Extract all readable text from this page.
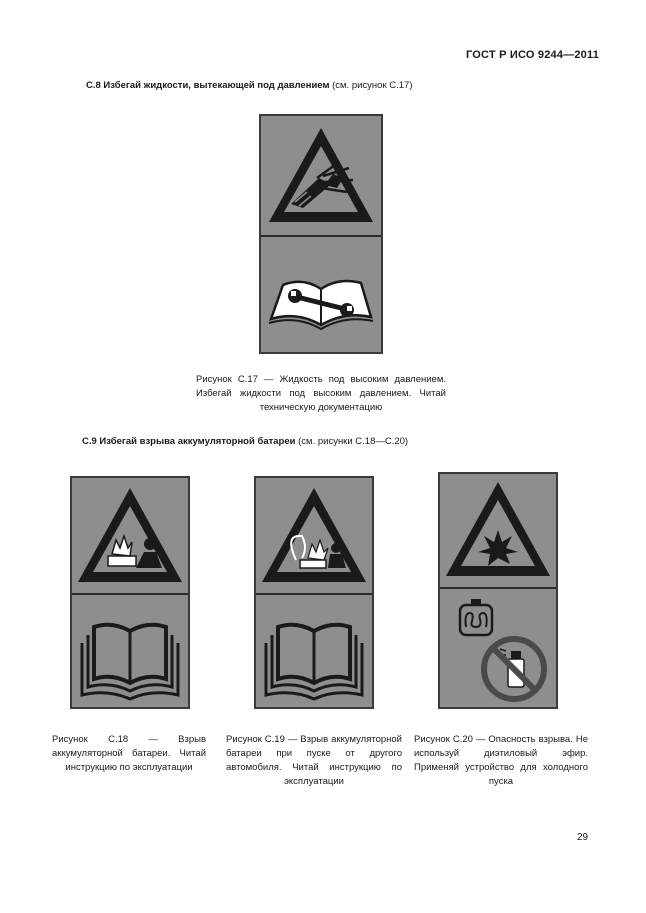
ГОСТ Р ИСО 9244—2011
С.8 Избегай жидкости, вытекающей под давлением (см. рисунок С.17)
Рисунок С.17 — Жидкость под высоким давлением. Избегай жидкости под высоким давлением. Читай техническую документацию
С.9 Избегай взрыва аккумуляторной батареи (см. рисунки С.18—С.20)
Рисунок С.18 — Взрыв аккумуляторной батареи. Читай инструкцию по эксплуатации
Рисунок С.19 — Взрыв аккумуляторной батареи при пуске от другого автомобиля. Читай инструкцию по эксплуатации
Рисунок С.20 — Опасность взрыва. Не используй диэтиловый эфир. Применяй устройство для холодного пуска
29
